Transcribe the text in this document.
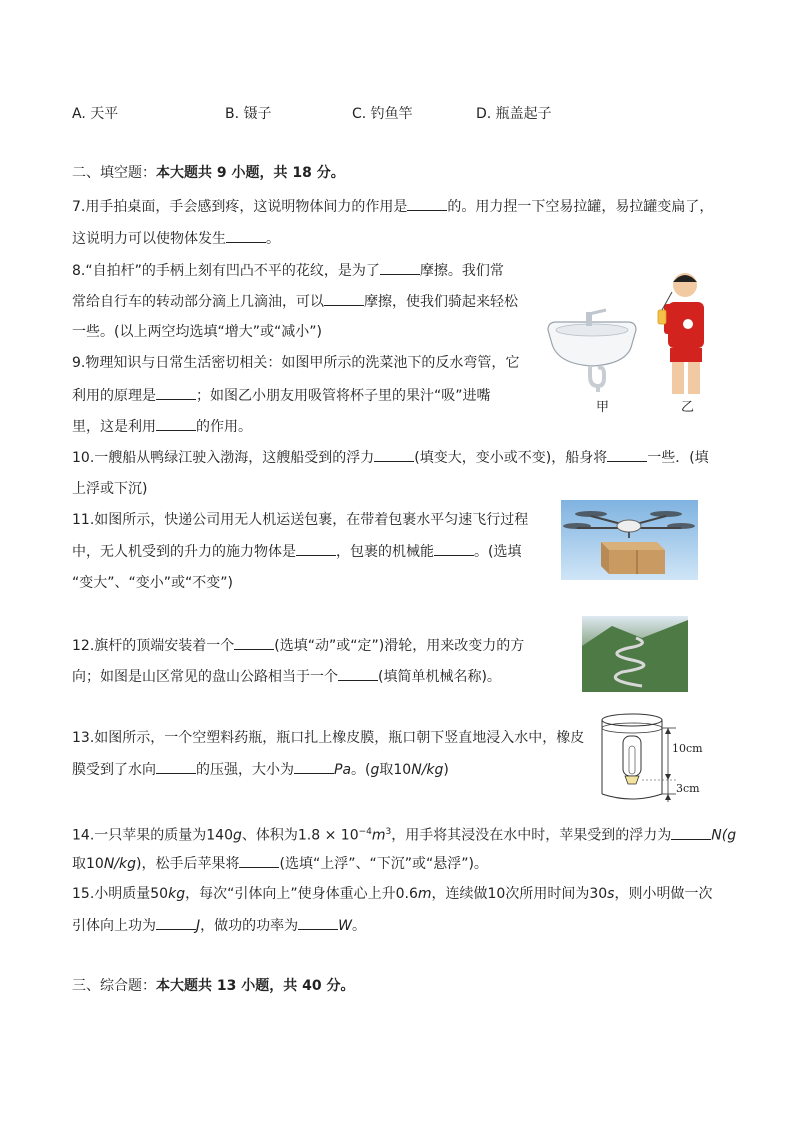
A. 天平	B. 镊子	C. 钓鱼竿	D. 瓶盖起子
二、填空题：本大题共 9 小题，共 18 分。
7.用手拍桌面，手会感到疼，这说明物体间力的作用是	的。用力捏一下空易拉罐，易拉罐变扁了，
这说明力可以使物体发生	。
8.“自拍杆”的手柄上刻有凹凸不平的花纹，是为了	摩擦。我们常
常给自行车的转动部分滴上几滴油，可以	摩擦，使我们骑起来轻松
一些。(以上两空均选填“增大”或“减小”)
9.物理知识与日常生活密切相关：如图甲所示的洗菜池下的反水弯管，它
利用的原理是	；如图乙小朋友用吸管将杯子里的果汁“吸”进嘴
里，这是利用	的作用。
甲	乙
10.一艘船从鸭绿江驶入渤海，这艘船受到的浮力	(填变大，变小或不变)，船身将	一些．(填
上浮或下沉)
11.如图所示，快递公司用无人机运送包裹，在带着包裹水平匀速飞行过程
中，无人机受到的升力的施力物体是	，包裹的机械能	。(选填
“变大”、“变小”或“不变”)
12.旗杆的顶端安装着一个	(选填“动”或“定”)滑轮，用来改变力的方
向；如图是山区常见的盘山公路相当于一个	(填简单机械名称)。
13.如图所示，一个空塑料药瓶，瓶口扎上橡皮膜，瓶口朝下竖直地浸入水中，橡皮
膜受到了水向	的压强，大小为	Pa。(g取10N/kg)
10cm
3cm
14.一只苹果的质量为140g、体积为$1.8 \times 10^{-4}m^3$，用手将其浸没在水中时，苹果受到的浮力为	N(g
取10N/kg)，松手后苹果将	(选填“上浮”、“下沉”或“悬浮”)。
15.小明质量50kg，每次“引体向上”使身体重心上升0.6m，连续做10次所用时间为30s，则小明做一次
引体向上功为	J，做功的功率为	W。
三、综合题：本大题共 13 小题，共 40 分。
